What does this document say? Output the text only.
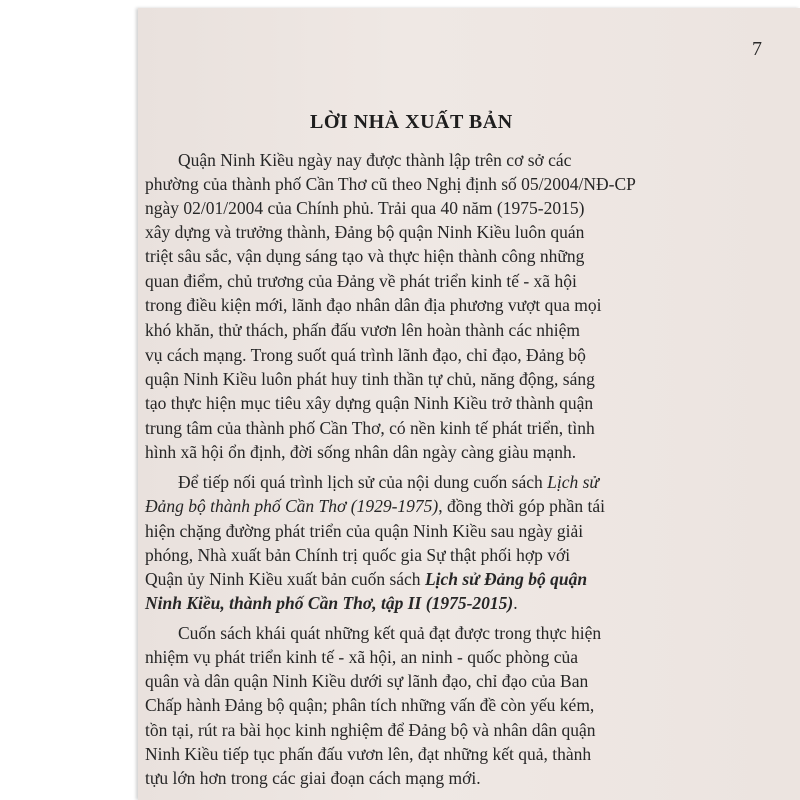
7
LỜI NHÀ XUẤT BẢN
Quận Ninh Kiều ngày nay được thành lập trên cơ sở các
phường của thành phố Cần Thơ cũ theo Nghị định số 05/2004/NĐ-CP
ngày 02/01/2004 của Chính phủ. Trải qua 40 năm (1975-2015)
xây dựng và trưởng thành, Đảng bộ quận Ninh Kiều luôn quán
triệt sâu sắc, vận dụng sáng tạo và thực hiện thành công những
quan điểm, chủ trương của Đảng về phát triển kinh tế - xã hội
trong điều kiện mới, lãnh đạo nhân dân địa phương vượt qua mọi
khó khăn, thử thách, phấn đấu vươn lên hoàn thành các nhiệm
vụ cách mạng. Trong suốt quá trình lãnh đạo, chỉ đạo, Đảng bộ
quận Ninh Kiều luôn phát huy tinh thần tự chủ, năng động, sáng
tạo thực hiện mục tiêu xây dựng quận Ninh Kiều trở thành quận
trung tâm của thành phố Cần Thơ, có nền kinh tế phát triển, tình
hình xã hội ổn định, đời sống nhân dân ngày càng giàu mạnh.
Để tiếp nối quá trình lịch sử của nội dung cuốn sách Lịch sử
Đảng bộ thành phố Cần Thơ (1929-1975), đồng thời góp phần tái
hiện chặng đường phát triển của quận Ninh Kiều sau ngày giải
phóng, Nhà xuất bản Chính trị quốc gia Sự thật phối hợp với
Quận ủy Ninh Kiều xuất bản cuốn sách Lịch sử Đảng bộ quận
Ninh Kiều, thành phố Cần Thơ, tập II (1975-2015).
Cuốn sách khái quát những kết quả đạt được trong thực hiện
nhiệm vụ phát triển kinh tế - xã hội, an ninh - quốc phòng của
quân và dân quận Ninh Kiều dưới sự lãnh đạo, chỉ đạo của Ban
Chấp hành Đảng bộ quận; phân tích những vấn đề còn yếu kém,
tồn tại, rút ra bài học kinh nghiệm để Đảng bộ và nhân dân quận
Ninh Kiều tiếp tục phấn đấu vươn lên, đạt những kết quả, thành
tựu lớn hơn trong các giai đoạn cách mạng mới.
